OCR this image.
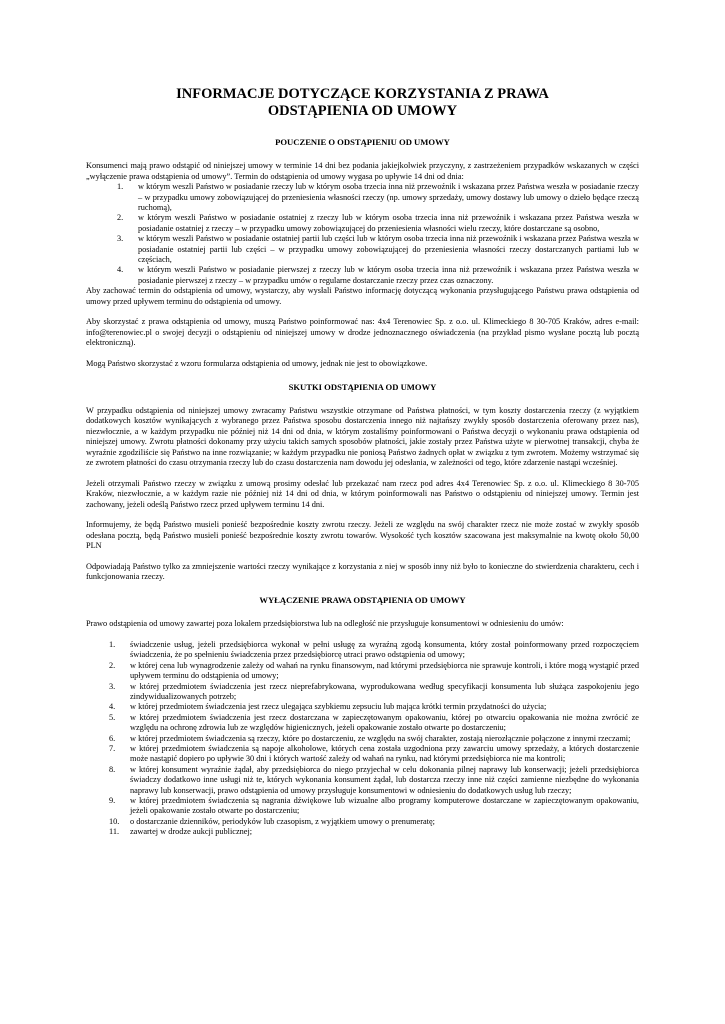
INFORMACJE DOTYCZĄCE KORZYSTANIA Z PRAWA
ODSTĄPIENIA OD UMOWY
POUCZENIE O ODSTĄPIENIU OD UMOWY

Konsumenci mają prawo odstąpić od niniejszej umowy w terminie 14 dni bez podania jakiejkolwiek przyczyny, z zastrzeżeniem przypadków wskazanych w części „wyłączenie prawa odstąpienia od umowy”. Termin do odstąpienia od umowy wygasa po upływie 14 dni od dnia:

1.	w którym weszli Państwo w posiadanie rzeczy lub w którym osoba trzecia inna niż przewoźnik i wskazana przez Państwa weszła w posiadanie rzeczy – w przypadku umowy zobowiązującej do przeniesienia własności rzeczy (np. umowy sprzedaży, umowy dostawy lub umowy o dzieło będące rzeczą ruchomą),
2.	w którym weszli Państwo w posiadanie ostatniej z rzeczy lub w którym osoba trzecia inna niż przewoźnik i wskazana przez Państwa weszła w posiadanie ostatniej z rzeczy – w przypadku umowy zobowiązującej do przeniesienia własności wielu rzeczy, które dostarczane są osobno,
3.	w którym weszli Państwo w posiadanie ostatniej partii lub części lub w którym osoba trzecia inna niż przewoźnik i wskazana przez Państwa weszła w posiadanie ostatniej partii lub części – w przypadku umowy zobowiązującej do przeniesienia własności rzeczy dostarczanych partiami lub w częściach,
4.	w którym weszli Państwo w posiadanie pierwszej z rzeczy lub w którym osoba trzecia inna niż przewoźnik i wskazana przez Państwa weszła w posiadanie pierwszej z rzeczy – w przypadku umów o regularne dostarczanie rzeczy przez czas oznaczony.

Aby zachować termin do odstąpienia od umowy, wystarczy, aby wysłali Państwo informację dotyczącą wykonania przysługującego Państwu prawa odstąpienia od umowy przed upływem terminu do odstąpienia od umowy.

Aby skorzystać z prawa odstąpienia od umowy, muszą Państwo poinformować nas: 4x4 Terenowiec Sp. z o.o. ul. Klimeckiego 8 30-705 Kraków, adres e-mail: info@terenowiec.pl o swojej decyzji o odstąpieniu od niniejszej umowy w drodze jednoznacznego oświadczenia (na przykład pismo wysłane pocztą lub pocztą elektroniczną).

Mogą Państwo skorzystać z wzoru formularza odstąpienia od umowy, jednak nie jest to obowiązkowe.

SKUTKI ODSTĄPIENIA OD UMOWY

W przypadku odstąpienia od niniejszej umowy zwracamy Państwu wszystkie otrzymane od Państwa płatności, w tym koszty dostarczenia rzeczy (z wyjątkiem dodatkowych kosztów wynikających z wybranego przez Państwa sposobu dostarczenia innego niż najtańszy zwykły sposób dostarczenia oferowany przez nas), niezwłocznie, a w każdym przypadku nie później niż 14 dni od dnia, w którym zostaliśmy poinformowani o Państwa decyzji o wykonaniu prawa odstąpienia od niniejszej umowy. Zwrotu płatności dokonamy przy użyciu takich samych sposobów płatności, jakie zostały przez Państwa użyte w pierwotnej transakcji, chyba że wyraźnie zgodziliście się Państwo na inne rozwiązanie; w każdym przypadku nie poniosą Państwo żadnych opłat w związku z tym zwrotem. Możemy wstrzymać się ze zwrotem płatności do czasu otrzymania rzeczy lub do czasu dostarczenia nam dowodu jej odesłania, w zależności od tego, które zdarzenie nastąpi wcześniej.

Jeżeli otrzymali Państwo rzeczy w związku z umową prosimy odesłać lub przekazać nam rzecz pod adres 4x4 Terenowiec Sp. z o.o. ul. Klimeckiego 8 30-705 Kraków, niezwłocznie, a w każdym razie nie później niż 14 dni od dnia, w którym poinformowali nas Państwo o odstąpieniu od niniejszej umowy. Termin jest zachowany, jeżeli odeślą Państwo rzecz przed upływem terminu 14 dni.

Informujemy, że będą Państwo musieli ponieść bezpośrednie koszty zwrotu rzeczy. Jeżeli ze względu na swój charakter rzecz nie może zostać w zwykły sposób odesłana pocztą, będą Państwo musieli ponieść bezpośrednie koszty zwrotu towarów. Wysokość tych kosztów szacowana jest maksymalnie na kwotę około 50,00 PLN

Odpowiadają Państwo tylko za zmniejszenie wartości rzeczy wynikające z korzystania z niej w sposób inny niż było to konieczne do stwierdzenia charakteru, cech i funkcjonowania rzeczy.

WYŁĄCZENIE PRAWA ODSTĄPIENIA OD UMOWY

Prawo odstąpienia od umowy zawartej poza lokalem przedsiębiorstwa lub na odległość nie przysługuje konsumentowi w odniesieniu do umów:

1.	świadczenie usług, jeżeli przedsiębiorca wykonał w pełni usługę za wyraźną zgodą konsumenta, który został poinformowany przed rozpoczęciem świadczenia, że po spełnieniu świadczenia przez przedsiębiorcę utraci prawo odstąpienia od umowy;
2.	w której cena lub wynagrodzenie zależy od wahań na rynku finansowym, nad którymi przedsiębiorca nie sprawuje kontroli, i które mogą wystąpić przed upływem terminu do odstąpienia od umowy;
3.	w której przedmiotem świadczenia jest rzecz nieprefabrykowana, wyprodukowana według specyfikacji konsumenta lub służąca zaspokojeniu jego zindywidualizowanych potrzeb;
4.	w której przedmiotem świadczenia jest rzecz ulegająca szybkiemu zepsuciu lub mająca krótki termin przydatności do użycia;
5.	w której przedmiotem świadczenia jest rzecz dostarczana w zapieczętowanym opakowaniu, której po otwarciu opakowania nie można zwrócić ze względu na ochronę zdrowia lub ze względów higienicznych, jeżeli opakowanie zostało otwarte po dostarczeniu;
6.	w której przedmiotem świadczenia są rzeczy, które po dostarczeniu, ze względu na swój charakter, zostają nierozłącznie połączone z innymi rzeczami;
7.	w której przedmiotem świadczenia są napoje alkoholowe, których cena została uzgodniona przy zawarciu umowy sprzedaży, a których dostarczenie może nastąpić dopiero po upływie 30 dni i których wartość zależy od wahań na rynku, nad którymi przedsiębiorca nie ma kontroli;
8.	w której konsument wyraźnie żądał, aby przedsiębiorca do niego przyjechał w celu dokonania pilnej naprawy lub konserwacji; jeżeli przedsiębiorca świadczy dodatkowo inne usługi niż te, których wykonania konsument żądał, lub dostarcza rzeczy inne niż części zamienne niezbędne do wykonania naprawy lub konserwacji, prawo odstąpienia od umowy przysługuje konsumentowi w odniesieniu do dodatkowych usług lub rzeczy;
9.	w której przedmiotem świadczenia są nagrania dźwiękowe lub wizualne albo programy komputerowe dostarczane w zapieczętowanym opakowaniu, jeżeli opakowanie zostało otwarte po dostarczeniu;
10.	o dostarczanie dzienników, periodyków lub czasopism, z wyjątkiem umowy o prenumeratę;
11.	zawartej w drodze aukcji publicznej;
